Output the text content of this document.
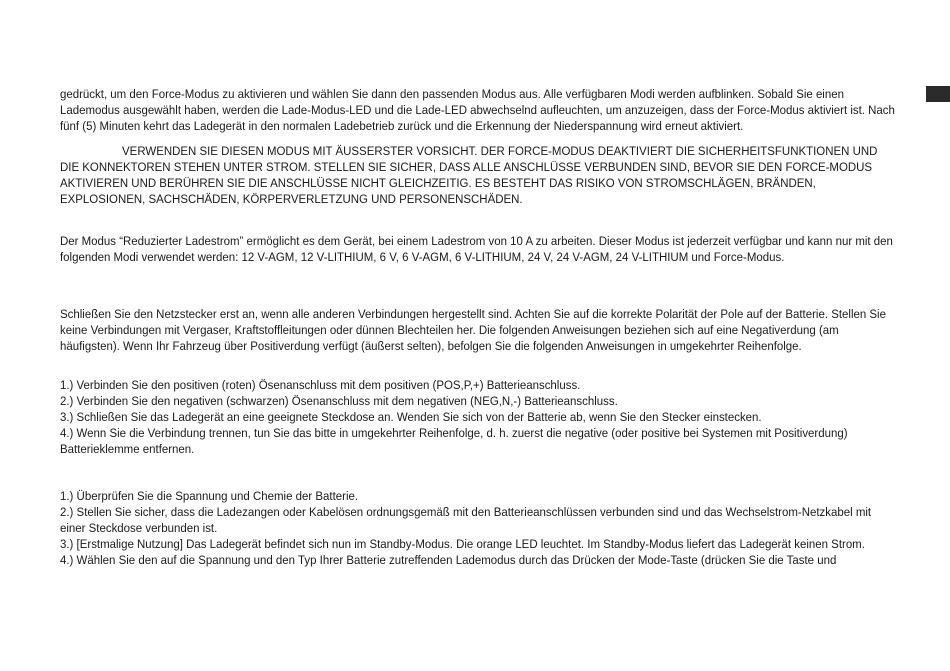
gedrückt, um den Force-Modus zu aktivieren und wählen Sie dann den passenden Modus aus. Alle verfügbaren Modi werden aufblinken. Sobald Sie einen Lademodus ausgewählt haben, werden die Lade-Modus-LED und die Lade-LED abwechselnd aufleuchten, um anzuzeigen, dass der Force-Modus aktiviert ist. Nach fünf (5) Minuten kehrt das Ladegerät in den normalen Ladebetrieb zurück und die Erkennung der Niederspannung wird erneut aktiviert.

VERWENDEN SIE DIESEN MODUS MIT ÄUSSERSTER VORSICHT. DER FORCE-MODUS DEAKTIVIERT DIE SICHERHEITSFUNKTIONEN UND DIE KONNEKTOREN STEHEN UNTER STROM. STELLEN SIE SICHER, DASS ALLE ANSCHLÜSSE VERBUNDEN SIND, BEVOR SIE DEN FORCE-MODUS AKTIVIEREN UND BERÜHREN SIE DIE ANSCHLÜSSE NICHT GLEICHZEITIG. ES BESTEHT DAS RISIKO VON STROMSCHLÄGEN, BRÄNDEN, EXPLOSIONEN, SACHSCHÄDEN, KÖRPERVERLETZUNG UND PERSONENSCHÄDEN.

Der Modus “Reduzierter Ladestrom” ermöglicht es dem Gerät, bei einem Ladestrom von 10 A zu arbeiten. Dieser Modus ist jederzeit verfügbar und kann nur mit den folgenden Modi verwendet werden: 12 V-AGM, 12 V-LITHIUM, 6 V, 6 V-AGM, 6 V-LITHIUM, 24 V, 24 V-AGM, 24 V-LITHIUM und Force-Modus.

Schließen Sie den Netzstecker erst an, wenn alle anderen Verbindungen hergestellt sind. Achten Sie auf die korrekte Polarität der Pole auf der Batterie. Stellen Sie keine Verbindungen mit Vergaser, Kraftstoffleitungen oder dünnen Blechteilen her. Die folgenden Anweisungen beziehen sich auf eine Negativerdung (am häufigsten). Wenn Ihr Fahrzeug über Positiverdung verfügt (äußerst selten), befolgen Sie die folgenden Anweisungen in umgekehrter Reihenfolge.

1.) Verbinden Sie den positiven (roten) Ösenanschluss mit dem positiven (POS,P,+) Batterieanschluss.

2.) Verbinden Sie den negativen (schwarzen) Ösenanschluss mit dem negativen (NEG,N,-) Batterieanschluss.

3.) Schließen Sie das Ladegerät an eine geeignete Steckdose an. Wenden Sie sich von der Batterie ab, wenn Sie den Stecker einstecken.

4.) Wenn Sie die Verbindung trennen, tun Sie das bitte in umgekehrter Reihenfolge, d. h. zuerst die negative (oder positive bei Systemen mit Positiverdung) Batterieklemme entfernen.

1.) Überprüfen Sie die Spannung und Chemie der Batterie.

2.) Stellen Sie sicher, dass die Ladezangen oder Kabelösen ordnungsgemäß mit den Batterieanschlüssen verbunden sind und das Wechselstrom-Netzkabel mit einer Steckdose verbunden ist.

3.) [Erstmalige Nutzung] Das Ladegerät befindet sich nun im Standby-Modus. Die orange LED leuchtet. Im Standby-Modus liefert das Ladegerät keinen Strom.

4.) Wählen Sie den auf die Spannung und den Typ Ihrer Batterie zutreffenden Lademodus durch das Drücken der Mode-Taste (drücken Sie die Taste und
